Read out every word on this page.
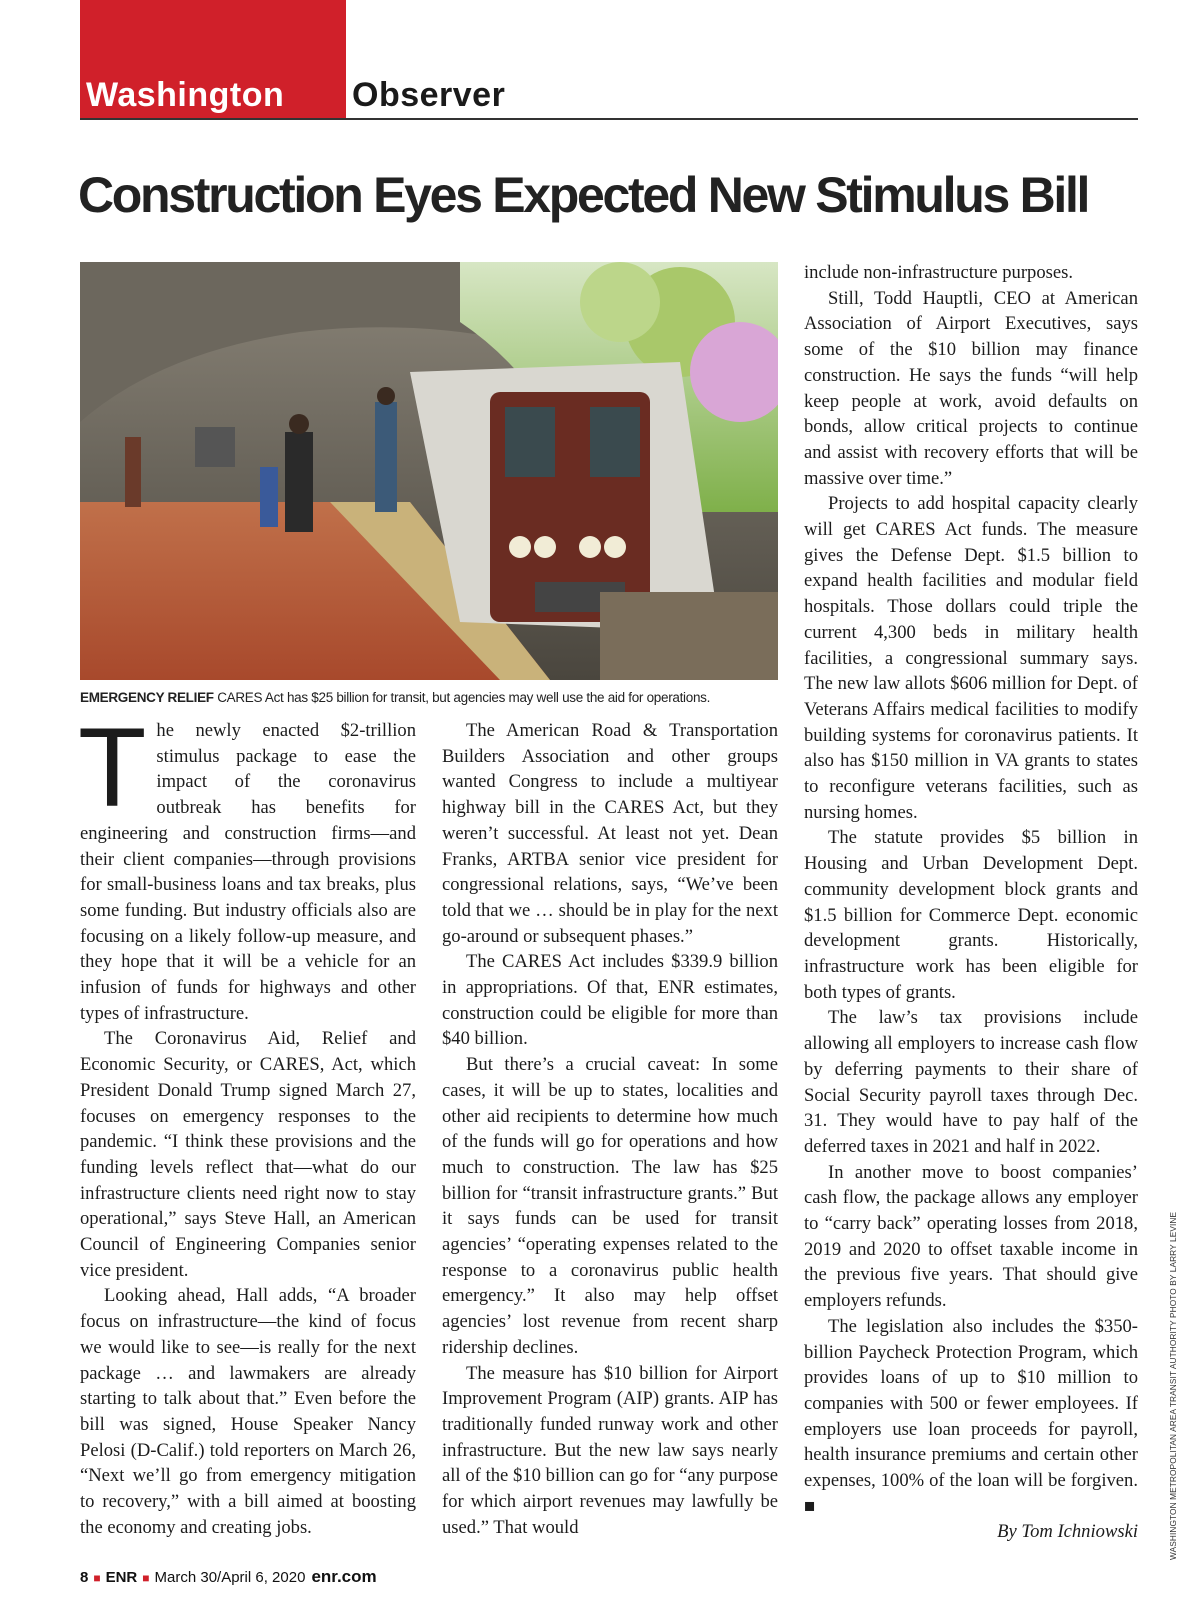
Washington Observer
Construction Eyes Expected New Stimulus Bill
EMERGENCY RELIEF CARES Act has $25 billion for transit, but agencies may well use the aid for operations.

The newly enacted $2-trillion stimulus package to ease the impact of the coronavirus outbreak has benefits for engineering and construction firms—and their client companies—through provisions for small-business loans and tax breaks, plus some funding. But industry officials also are focusing on a likely follow-up measure, and they hope that it will be a vehicle for an infusion of funds for highways and other types of infrastructure.

The Coronavirus Aid, Relief and Economic Security, or CARES, Act, which President Donald Trump signed March 27, focuses on emergency responses to the pandemic. “I think these provisions and the funding levels reflect that—what do our infrastructure clients need right now to stay operational,” says Steve Hall, an American Council of Engineering Companies senior vice president.

Looking ahead, Hall adds, “A broader focus on infrastructure—the kind of focus we would like to see—is really for the next package … and lawmakers are already starting to talk about that.” Even before the bill was signed, House Speaker Nancy Pelosi (D-Calif.) told reporters on March 26, “Next we’ll go from emergency mitigation to recovery,” with a bill aimed at boosting the economy and creating jobs.

The American Road & Transportation Builders Association and other groups wanted Congress to include a multiyear highway bill in the CARES Act, but they weren’t successful. At least not yet. Dean Franks, ARTBA senior vice president for congressional relations, says, “We’ve been told that we … should be in play for the next go-around or subsequent phases.”

The CARES Act includes $339.9 billion in appropriations. Of that, ENR estimates, construction could be eligible for more than $40 billion.

But there’s a crucial caveat: In some cases, it will be up to states, localities and other aid recipients to determine how much of the funds will go for operations and how much to construction. The law has $25 billion for “transit infrastructure grants.” But it says funds can be used for transit agencies’ “operating expenses related to the response to a coronavirus public health emergency.” It also may help offset agencies’ lost revenue from recent sharp ridership declines.

The measure has $10 billion for Airport Improvement Program (AIP) grants. AIP has traditionally funded runway work and other infrastructure. But the new law says nearly all of the $10 billion can go for “any purpose for which airport revenues may lawfully be used.” That would

include non-infrastructure purposes.

Still, Todd Hauptli, CEO at American Association of Airport Executives, says some of the $10 billion may finance construction. He says the funds “will help keep people at work, avoid defaults on bonds, allow critical projects to continue and assist with recovery efforts that will be massive over time.”

Projects to add hospital capacity clearly will get CARES Act funds. The measure gives the Defense Dept. $1.5 billion to expand health facilities and modular field hospitals. Those dollars could triple the current 4,300 beds in military health facilities, a congressional summary says. The new law allots $606 million for Dept. of Veterans Affairs medical facilities to modify building systems for coronavirus patients. It also has $150 million in VA grants to states to reconfigure veterans facilities, such as nursing homes.

The statute provides $5 billion in Housing and Urban Development Dept. community development block grants and $1.5 billion for Commerce Dept. economic development grants. Historically, infrastructure work has been eligible for both types of grants.

The law’s tax provisions include allowing all employers to increase cash flow by deferring payments to their share of Social Security payroll taxes through Dec. 31. They would have to pay half of the deferred taxes in 2021 and half in 2022.

In another move to boost companies’ cash flow, the package allows any employer to “carry back” operating losses from 2018, 2019 and 2020 to offset taxable income in the previous five years. That should give employers refunds.

The legislation also includes the $350-billion Paycheck Protection Program, which provides loans of up to $10 million to companies with 500 or fewer employees. If employers use loan proceeds for payroll, health insurance premiums and certain other expenses, 100% of the loan will be forgiven. ■

By Tom Ichniowski	WASHINGTON METROPOLITAN AREA TRANSIT AUTHORITY PHOTO BY LARRY LEVINE
8 ■ ENR ■ March 30/April 6, 2020 enr.com
